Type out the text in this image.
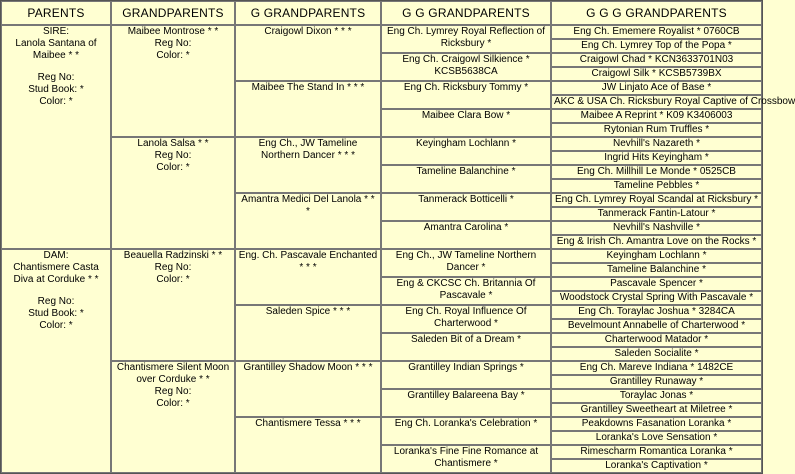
PARENTS	GRANDPARENTS	G GRANDPARENTS	G G GRANDPARENTS	G G G GRANDPARENTS
SIRE:
Lanola Santana of Maibee * *
Reg No:
Stud Book: *
Color: *	Maibee Montrose * *
Reg No:
Color: *	Craigowl Dixon * * *	Eng Ch. Lymrey Royal Reflection of Ricksbury *	Eng Ch. Ememere Royalist * 0760CB
				Eng Ch. Lymrey Top of the Popa *
			Eng Ch. Craigowl Silkience * KCSB5638CA	Craigowl Chad * KCN3633701N03
				Craigowl Silk * KCSB5739BX
		Maibee The Stand In * * *	Eng Ch. Ricksbury Tommy *	JW Linjato Ace of Base *
				AKC & USA Ch. Ricksbury Royal Captive of Crossbow
			Maibee Clara Bow *	Maibee A Reprint * K09 K3406003
				Rytonian Rum Truffles *

	Lanola Salsa * *
Reg No:
Color: *	Eng Ch., JW Tameline Northern Dancer * * *	Keyingham Lochlann *	Nevhill's Nazareth *
				Ingrid Hits Keyingham *
			Tameline Balanchine *	Eng Ch. Millhill Le Monde * 0525CB
				Tameline Pebbles *
		Amantra Medici Del Lanola * * *	Tanmerack Botticelli *	Eng Ch. Lymrey Royal Scandal at Ricksbury *
				Tanmerack Fantin-Latour *
			Amantra Carolina *	Nevhill's Nashville *
				Eng & Irish Ch. Amantra Love on the Rocks *
DAM:
Chantismere Casta Diva at Corduke * *
Reg No:
Stud Book: *
Color: *	Beauella Radzinski * *
Reg No:
Color: *	Eng. Ch. Pascavale Enchanted * * *	Eng Ch., JW Tameline Northern Dancer *	Keyingham Lochlann *
				Tameline Balanchine *
			Eng & CKCSC Ch. Britannia Of Pascavale *	Pascavale Spencer *
				Woodstock Crystal Spring With Pascavale *
		Saleden Spice * * *	Eng Ch. Royal Influence Of Charterwood *	Eng Ch. Toraylac Joshua * 3284CA
				Bevelmount Annabelle of Charterwood *
			Saleden Bit of a Dream *	Charterwood Matador *
				Saleden Socialite *

	Chantismere Silent Moon over Corduke * *
Reg No:
Color: *	Grantilley Shadow Moon * * *	Grantilley Indian Springs *	Eng Ch. Mareve Indiana * 1482CE
				Grantilley Runaway *
			Grantilley Balareena Bay *	Toraylac Jonas *
				Grantilley Sweetheart at Miletree *
		Chantismere Tessa * * *	Eng Ch. Loranka's Celebration *	Peakdowns Fasanation Loranka *
				Loranka's Love Sensation *
			Loranka's Fine Fine Romance at Chantismere *	Rimescharm Romantica Loranka *
				Loranka's Captivation *
